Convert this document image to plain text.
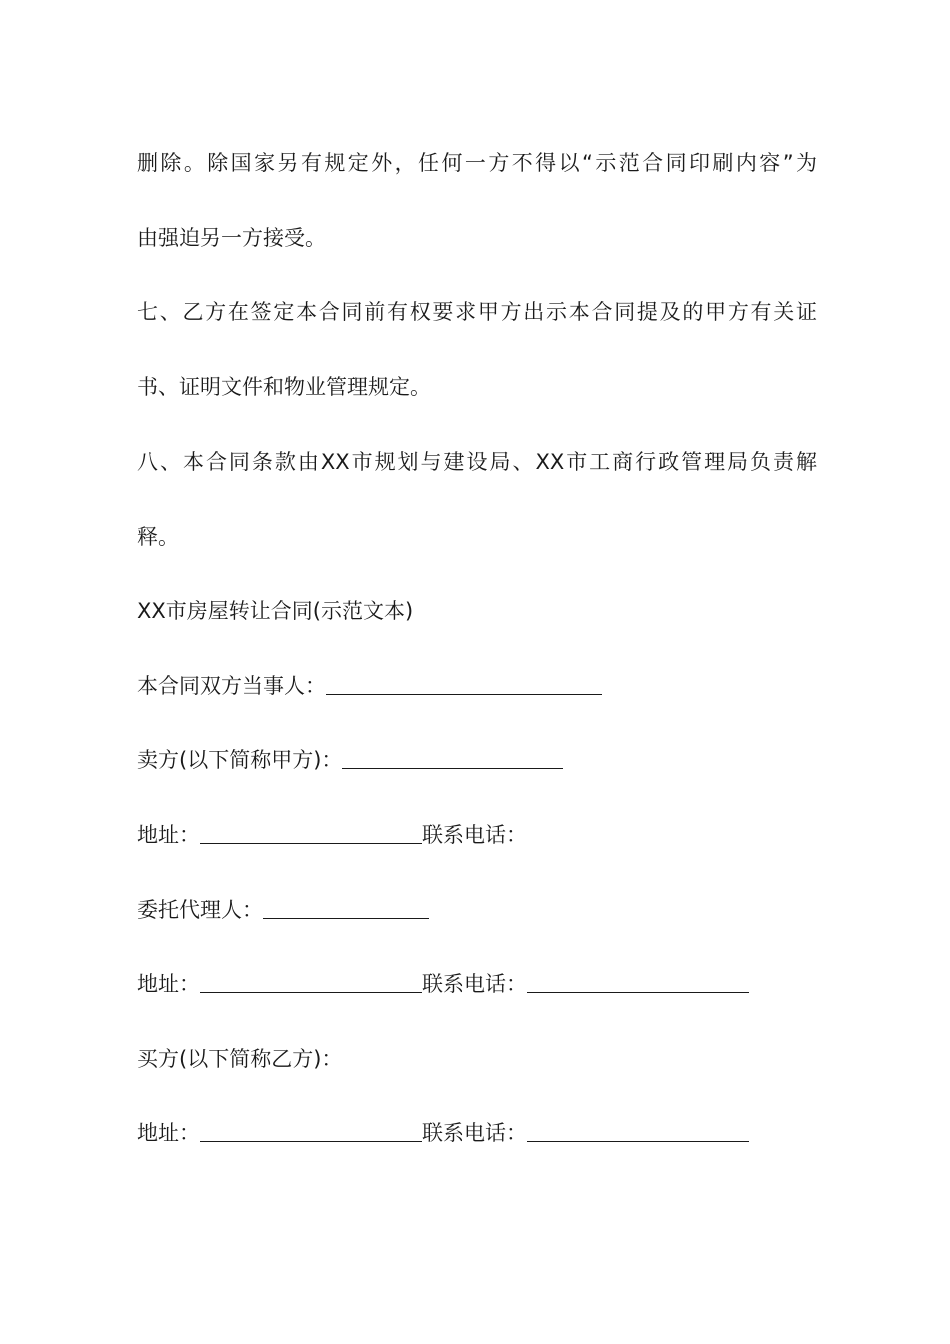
删除。除国家另有规定外，任何一方不得以“示范合同印刷内容”为
由强迫另一方接受。
七、乙方在签定本合同前有权要求甲方出示本合同提及的甲方有关证
书、证明文件和物业管理规定。
八、本合同条款由XX市规划与建设局、XX市工商行政管理局负责解
释。
XX市房屋转让合同(示范文本)
本合同双方当事人：
卖方(以下简称甲方)：
地址：	联系电话：
委托代理人：
地址：	联系电话：
买方(以下简称乙方)：
地址：	联系电话：
